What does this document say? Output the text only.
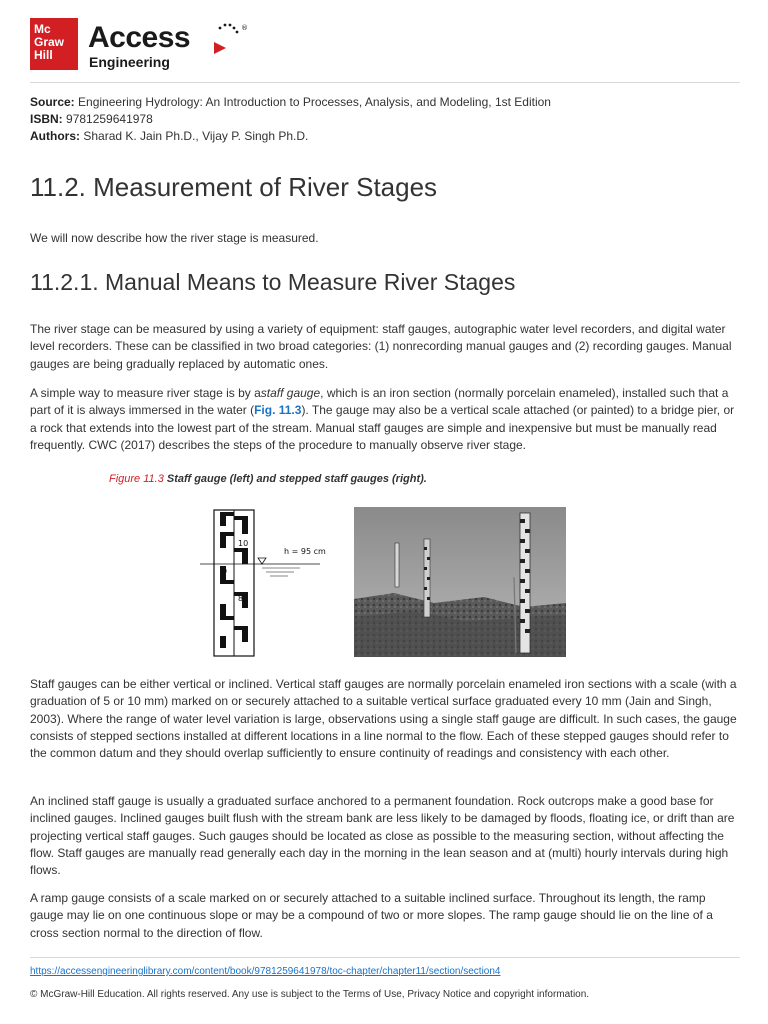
Mc
Graw
Hill
Access
Engineering
®
Source: Engineering Hydrology: An Introduction to Processes, Analysis, and Modeling, 1st Edition
ISBN: 9781259641978
Authors: Sharad K. Jain Ph.D., Vijay P. Singh Ph.D.
11.2. Measurement of River Stages
We will now describe how the river stage is measured.
11.2.1. Manual Means to Measure River Stages

The river stage can be measured by using a variety of equipment: staff gauges, autographic water level recorders, and digital water level recorders. These can be classified in two broad categories: (1) nonrecording manual gauges and (2) recording gauges. Manual gauges are being gradually replaced by automatic ones.

A simple way to measure river stage is by astaff gauge, which is an iron section (normally porcelain enameled), installed such that a part of it is always immersed in the water (Fig. 11.3). The gauge may also be a vertical scale attached (or painted) to a bridge pier, or a rock that extends into the lowest part of the stream. Manual staff gauges are simple and inexpensive but must be manually read frequently. CWC (2017) describes the steps of the procedure to manually observe river stage.

Figure 11.3 Staff gauge (left) and stepped staff gauges (right).
10
9
8
h = 95 cm

Staff gauges can be either vertical or inclined. Vertical staff gauges are normally porcelain enameled iron sections with a scale (with a graduation of 5 or 10 mm) marked on or securely attached to a suitable vertical surface graduated every 10 mm (Jain and Singh, 2003). Where the range of water level variation is large, observations using a single staff gauge are difficult. In such cases, the gauge consists of stepped sections installed at different locations in a line normal to the flow. Each of these stepped gauges should refer to the common datum and they should overlap sufficiently to ensure continuity of readings and consistency with each other.

An inclined staff gauge is usually a graduated surface anchored to a permanent foundation. Rock outcrops make a good base for inclined gauges. Inclined gauges built flush with the stream bank are less likely to be damaged by floods, floating ice, or drift than are projecting vertical staff gauges. Such gauges should be located as close as possible to the measuring section, without affecting the flow. Staff gauges are manually read generally each day in the morning in the lean season and at (multi) hourly intervals during high flows.

A ramp gauge consists of a scale marked on or securely attached to a suitable inclined surface. Throughout its length, the ramp gauge may lie on one continuous slope or may be a compound of two or more slopes. The ramp gauge should lie on the line of a cross section normal to the direction of flow.

https://accessengineeringlibrary.com/content/book/9781259641978/toc-chapter/chapter11/section/section4
© McGraw-Hill Education. All rights reserved. Any use is subject to the Terms of Use, Privacy Notice and copyright information.
